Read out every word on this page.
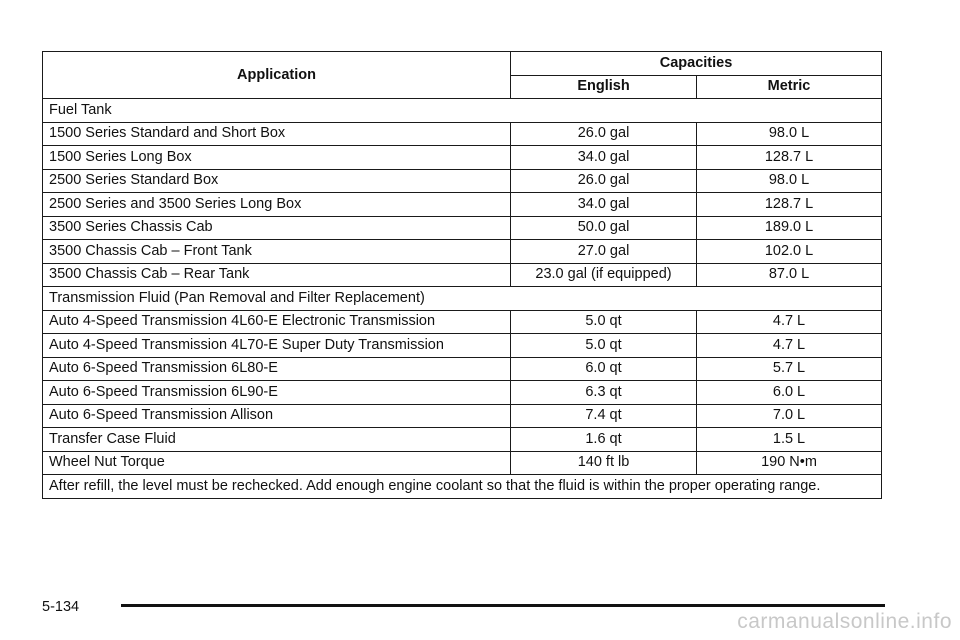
Application	Capacities	
	English	Metric
Fuel Tank		
1500 Series Standard and Short Box	26.0 gal	98.0 L
1500 Series Long Box	34.0 gal	128.7 L
2500 Series Standard Box	26.0 gal	98.0 L
2500 Series and 3500 Series Long Box	34.0 gal	128.7 L
3500 Series Chassis Cab	50.0 gal	189.0 L
3500 Chassis Cab – Front Tank	27.0 gal	102.0 L
3500 Chassis Cab – Rear Tank	23.0 gal (if equipped)	87.0 L
Transmission Fluid (Pan Removal and Filter Replacement)		
Auto 4-Speed Transmission 4L60-E Electronic Transmission	5.0 qt	4.7 L
Auto 4-Speed Transmission 4L70-E Super Duty Transmission	5.0 qt	4.7 L
Auto 6-Speed Transmission 6L80-E	6.0 qt	5.7 L
Auto 6-Speed Transmission 6L90-E	6.3 qt	6.0 L
Auto 6-Speed Transmission Allison	7.4 qt	7.0 L
Transfer Case Fluid	1.6 qt	1.5 L
Wheel Nut Torque	140 ft lb	190 N•m
After refill, the level must be rechecked. Add enough engine coolant so that the fluid is within the proper operating range.		
5-134
carmanualsonline.info
